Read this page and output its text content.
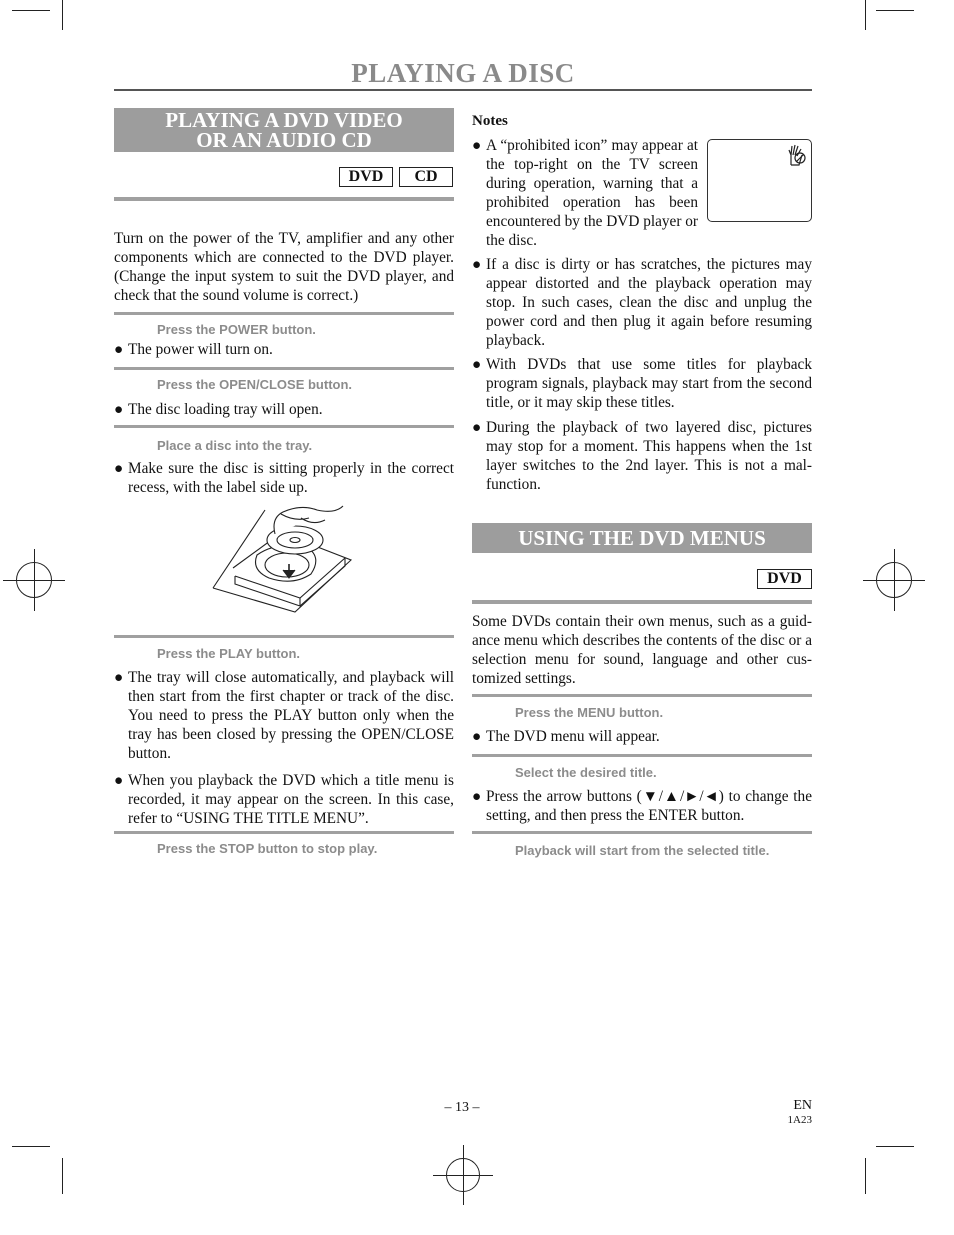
PLAYING A DISC
PLAYING A DVD VIDEO
OR AN AUDIO CD
DVD	CD
Turn on the power of the TV, amplifier and any other components which are connected to the DVD player. (Change the input system to suit the DVD player, and check that the sound volume is correct.)
Press the POWER button.
● The power will turn on.
Press the OPEN/CLOSE button.
● The disc loading tray will open.
Place a disc into the tray.
● Make sure the disc is sitting properly in the correct recess, with the label side up.
Press the PLAY button.
● The tray will close automatically, and playback will then start from the first chapter or track of the disc. You need to press the PLAY button only when the tray has been closed by pressing the OPEN/CLOSE button.
● When you playback the DVD which a title menu is recorded, it may appear on the screen. In this case, refer to “USING THE TITLE MENU”.
Press the STOP button to stop play.
Notes
● A “prohibited icon” may appear at the top-right on the TV screen during operation, warning that a prohibited operation has been encountered by the DVD player or the disc.
● If a disc is dirty or has scratches, the pictures may appear distorted and the playback operation may stop. In such cases, clean the disc and unplug the power cord and then plug it again before resuming playback.
● With DVDs that use some titles for playback program signals, playback may start from the second title, or it may skip these titles.
● During the playback of two layered disc, pictures may stop for a moment. This happens when the 1st layer switches to the 2nd layer. This is not a mal-function.
USING THE DVD MENUS
DVD
Some DVDs contain their own menus, such as a guid-ance menu which describes the contents of the disc or a selection menu for sound, language and other cus-tomized settings.
Press the MENU button.
● The DVD menu will appear.
Select the desired title.
● Press the arrow buttons (▼/▲/►/◄) to change the setting, and then press the ENTER button.
Playback will start from the selected title.
– 13 –	EN
1A23
